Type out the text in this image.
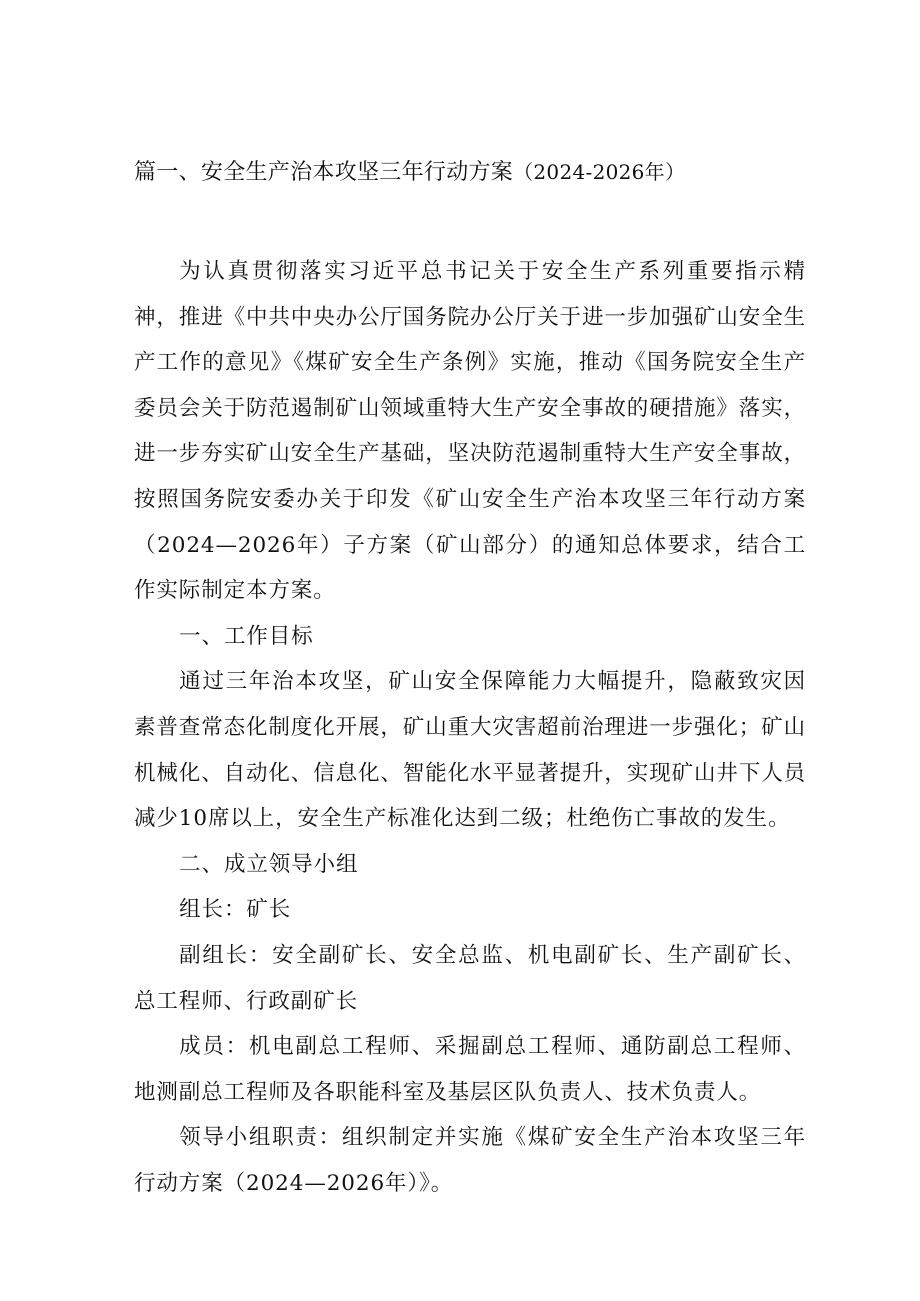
篇一、安全生产治本攻坚三年行动方案（2024-2026年）

为认真贯彻落实习近平总书记关于安全生产系列重要指示精神，推进《中共中央办公厅国务院办公厅关于进一步加强矿山安全生产工作的意见》《煤矿安全生产条例》实施，推动《国务院安全生产委员会关于防范遏制矿山领域重特大生产安全事故的硬措施》落实，进一步夯实矿山安全生产基础，坚决防范遏制重特大生产安全事故，按照国务院安委办关于印发《矿山安全生产治本攻坚三年行动方案（2024—2026年）子方案（矿山部分）的通知总体要求，结合工作实际制定本方案。

一、工作目标

通过三年治本攻坚，矿山安全保障能力大幅提升，隐蔽致灾因素普查常态化制度化开展，矿山重大灾害超前治理进一步强化；矿山机械化、自动化、信息化、智能化水平显著提升，实现矿山井下人员减少10席以上，安全生产标准化达到二级；杜绝伤亡事故的发生。

二、成立领导小组

组长：矿长

副组长：安全副矿长、安全总监、机电副矿长、生产副矿长、总工程师、行政副矿长

成员：机电副总工程师、采掘副总工程师、通防副总工程师、地测副总工程师及各职能科室及基层区队负责人、技术负责人。

领导小组职责：组织制定并实施《煤矿安全生产治本攻坚三年行动方案（2024—2026年）》。
